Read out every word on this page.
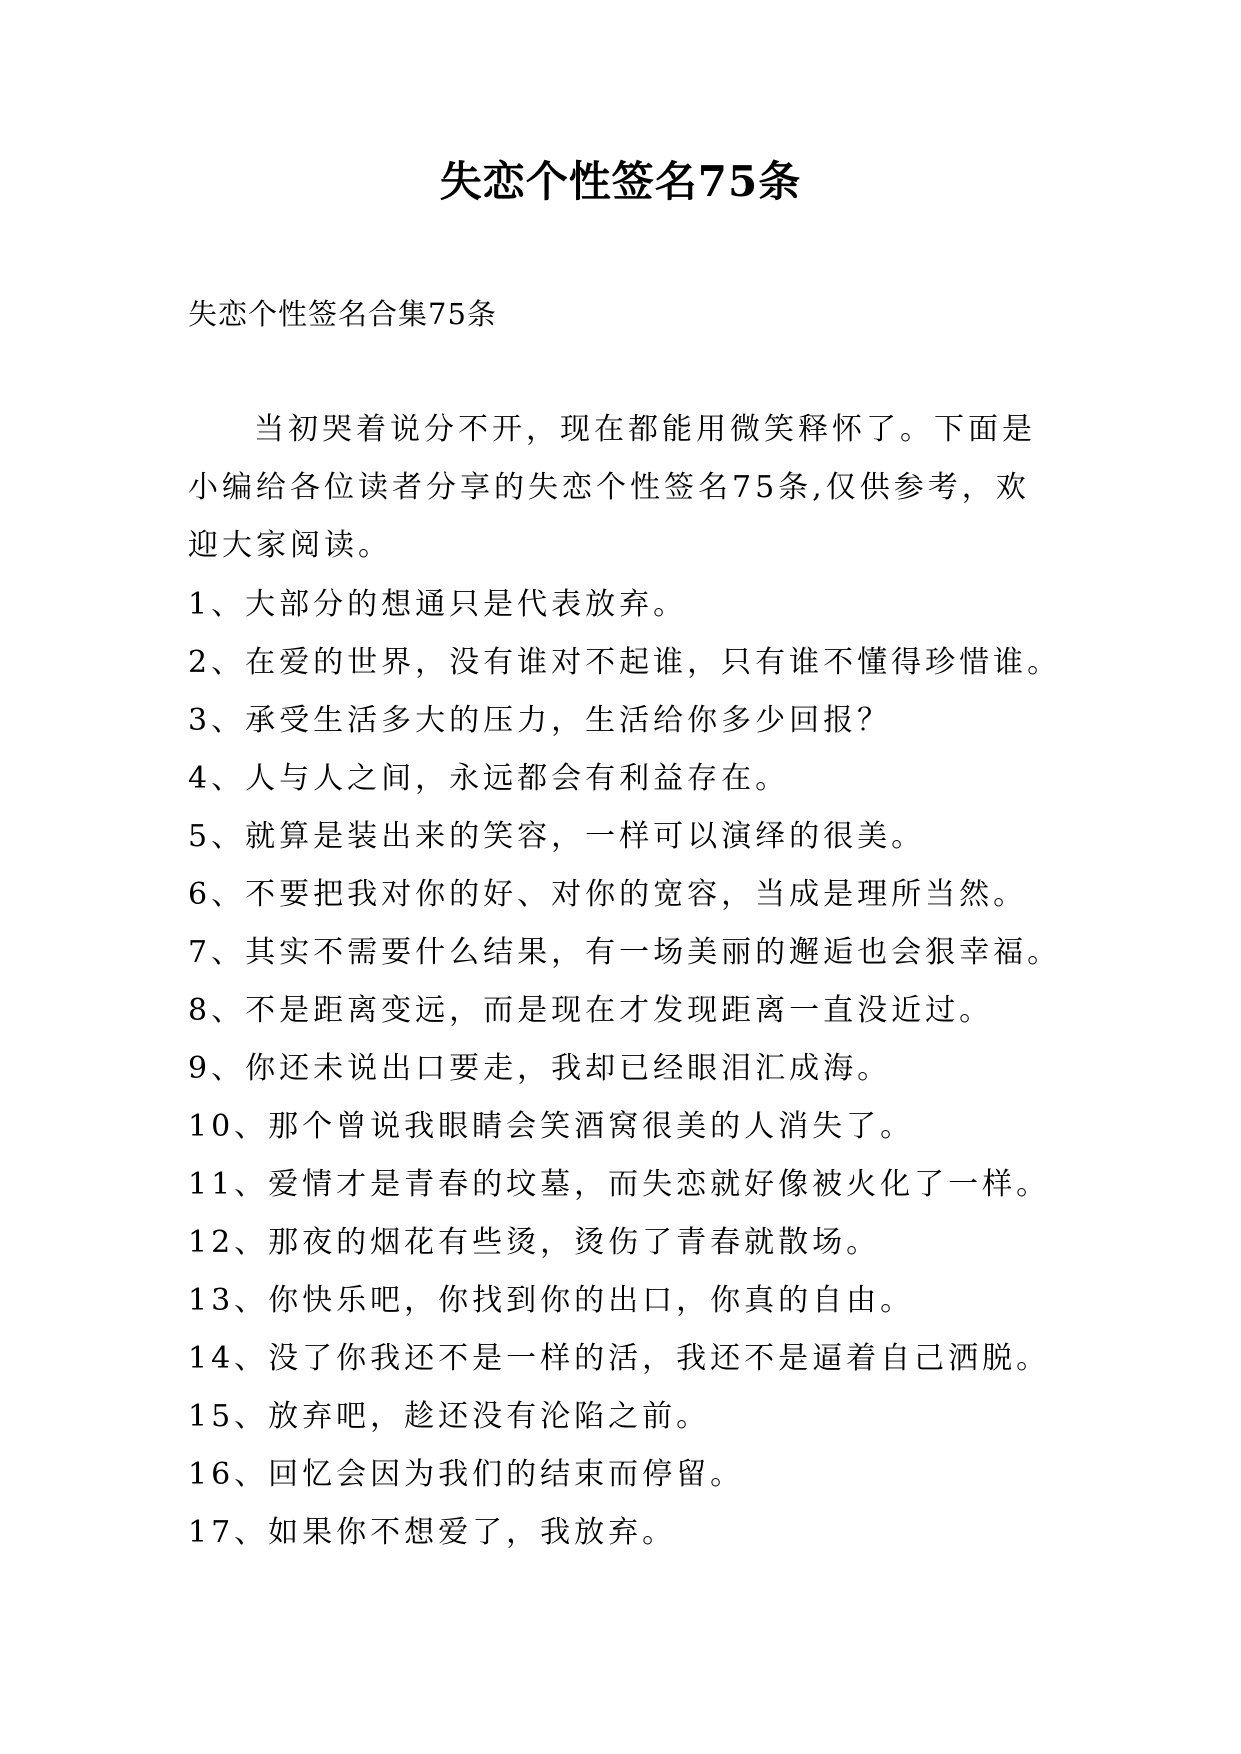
失恋个性签名75条
失恋个性签名合集75条

当初哭着说分不开，现在都能用微笑释怀了。下面是小编给各位读者分享的失恋个性签名75条,仅供参考，欢迎大家阅读。

1、大部分的想通只是代表放弃。
2、在爱的世界，没有谁对不起谁，只有谁不懂得珍惜谁。
3、承受生活多大的压力，生活给你多少回报？
4、人与人之间，永远都会有利益存在。
5、就算是装出来的笑容，一样可以演绎的很美。
6、不要把我对你的好、对你的宽容，当成是理所当然。
7、其实不需要什么结果，有一场美丽的邂逅也会狠幸福。
8、不是距离变远，而是现在才发现距离一直没近过。
9、你还未说出口要走，我却已经眼泪汇成海。
10、那个曾说我眼睛会笑酒窝很美的人消失了。
11、爱情才是青春的坟墓，而失恋就好像被火化了一样。
12、那夜的烟花有些烫，烫伤了青春就散场。
13、你快乐吧，你找到你的出口，你真的自由。
14、没了你我还不是一样的活，我还不是逼着自己洒脱。
15、放弃吧，趁还没有沦陷之前。
16、回忆会因为我们的结束而停留。
17、如果你不想爱了，我放弃。
